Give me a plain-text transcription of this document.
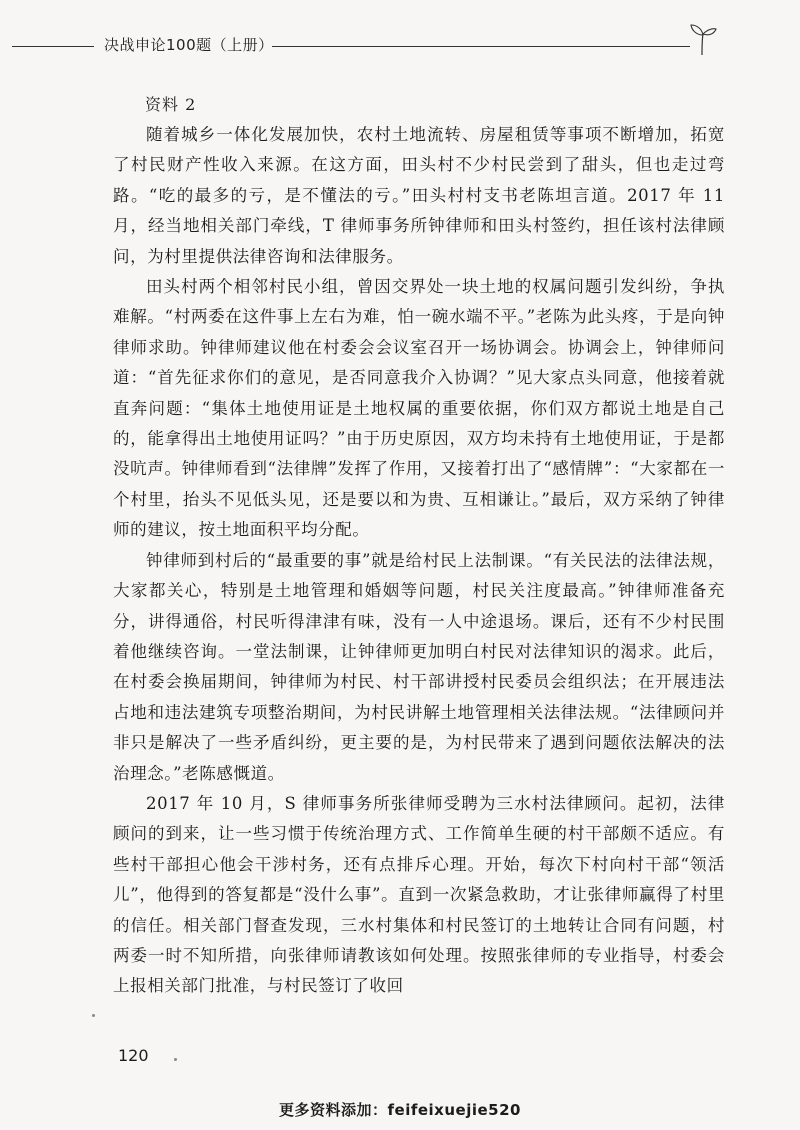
决战申论100题（上册）
资料 2

随着城乡一体化发展加快，农村土地流转、房屋租赁等事项不断增加，拓宽了村民财产性收入来源。在这方面，田头村不少村民尝到了甜头，但也走过弯路。“吃的最多的亏，是不懂法的亏。”田头村村支书老陈坦言道。2017 年 11 月，经当地相关部门牵线，T 律师事务所钟律师和田头村签约，担任该村法律顾问，为村里提供法律咨询和法律服务。

田头村两个相邻村民小组，曾因交界处一块土地的权属问题引发纠纷，争执难解。“村两委在这件事上左右为难，怕一碗水端不平。”老陈为此头疼，于是向钟律师求助。钟律师建议他在村委会会议室召开一场协调会。协调会上，钟律师问道：“首先征求你们的意见，是否同意我介入协调？”见大家点头同意，他接着就直奔问题：“集体土地使用证是土地权属的重要依据，你们双方都说土地是自己的，能拿得出土地使用证吗？”由于历史原因，双方均未持有土地使用证，于是都没吭声。钟律师看到“法律牌”发挥了作用，又接着打出了“感情牌”：“大家都在一个村里，抬头不见低头见，还是要以和为贵、互相谦让。”最后，双方采纳了钟律师的建议，按土地面积平均分配。

钟律师到村后的“最重要的事”就是给村民上法制课。“有关民法的法律法规，大家都关心，特别是土地管理和婚姻等问题，村民关注度最高。”钟律师准备充分，讲得通俗，村民听得津津有味，没有一人中途退场。课后，还有不少村民围着他继续咨询。一堂法制课，让钟律师更加明白村民对法律知识的渴求。此后，在村委会换届期间，钟律师为村民、村干部讲授村民委员会组织法；在开展违法占地和违法建筑专项整治期间，为村民讲解土地管理相关法律法规。“法律顾问并非只是解决了一些矛盾纠纷，更主要的是，为村民带来了遇到问题依法解决的法治理念。”老陈感慨道。

2017 年 10 月，S 律师事务所张律师受聘为三水村法律顾问。起初，法律顾问的到来，让一些习惯于传统治理方式、工作简单生硬的村干部颇不适应。有些村干部担心他会干涉村务，还有点排斥心理。开始，每次下村向村干部“领活儿”，他得到的答复都是“没什么事”。直到一次紧急救助，才让张律师赢得了村里的信任。相关部门督查发现，三水村集体和村民签订的土地转让合同有问题，村两委一时不知所措，向张律师请教该如何处理。按照张律师的专业指导，村委会上报相关部门批准，与村民签订了收回

120
更多资料添加：feifeixuejie520
